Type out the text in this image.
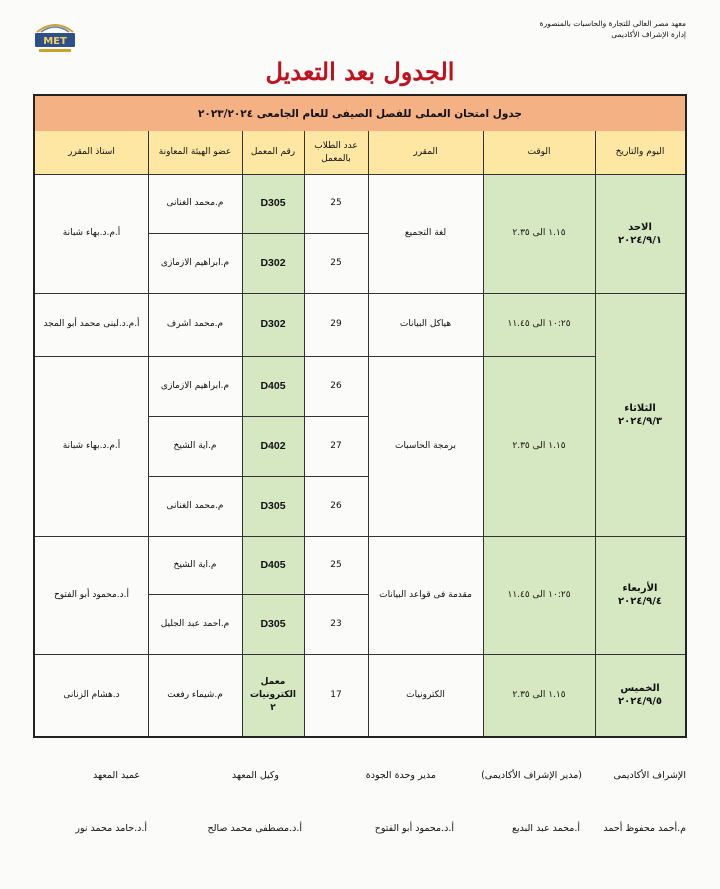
MET
معهد مصر العالى للتجارة والحاسبات بالمنصورة
إدارة الإشراف الأكاديمى
الجدول بعد التعديل
جدول امتحان العملى للفصل الصيفى للعام الجامعى ٢٠٢٣/٢٠٢٤
اليوم والتاريخ
الوقت
المقرر
عدد الطلاب بالمعمل
رقم المعمل
عضو الهيئة المعاونة
استاذ المقرر
الاحد
٢٠٢٤/٩/١
الثلاثاء
٢٠٢٤/٩/٣
الأربعاء
٢٠٢٤/٩/٤
الخميس
٢٠٢٤/٩/٥
١.١٥ الى ٢.٣٥
١٠:٢٥ الى ١١.٤٥
١.١٥ الى ٢.٣٥
١٠:٢٥ الى ١١.٤٥
١.١٥ الى ٢.٣٥
لغة التجميع
هياكل البيانات
برمجة الحاسبات
مقدمة فى قواعد البيانات
الكترونيات
أ.م.د.بهاء شبانة
أ.م.د.لبنى محمد أبو المجد
أ.م.د.بهاء شبانة
أ.د.محمود أبو الفتوح
د.هشام الزنانى
25
D305
م.محمد الغنانى
25
D302
م.ابراهيم الازمازى
29
D302
م.محمد اشرف
26
D405
م.ابراهيم الازمازى
27
D402
م.اية الشيخ
26
D305
م.محمد الغنانى
25
D405
م.اية الشيخ
23
D305
م.احمد عبد الجليل
17
معمل الكترونيات ٢
م.شيماء رفعت
الإشراف الأكاديمى
(مدير الإشراف الأكاديمى)
مدير وحدة الجودة
وكيل المعهد
عميد المعهد
م.أحمد محفوظ أحمد
أ.محمد عبد البديع
أ.د.محمود أبو الفتوح
أ.د.مصطفى محمد صالح
أ.د.حامد محمد نور
